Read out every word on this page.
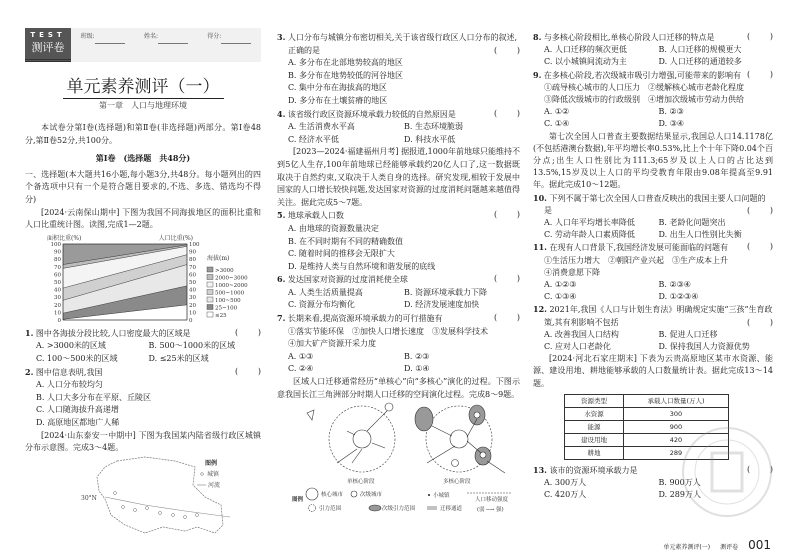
TEST
测评卷
班级:	姓名:	得分:
单元素养测评（一）
第一章　人口与地理环境
本试卷分第Ⅰ卷(选择题)和第Ⅱ卷(非选择题)两部分。第Ⅰ卷48分,第Ⅱ卷52分,共100分。
第Ⅰ卷　(选择题　共48分)
一、选择题(本大题共16小题,每小题3分,共48分。每小题列出的四个备选项中只有一个是符合题目要求的,不选、多选、错选均不得分)
[2024·云南保山期中] 下图为我国不同海拔地区的面积比重和人口比重统计图。读图,完成1—2题。
0	0
10	10
20	20
30	30
40	40
50	50
60	60
70	70
80	80
90	90
100	100
面积比重(%)	人口比重(%)
海拔(m)
>3000
2000~3000
1000~2000
500~1000
100~500
25~100
≤25
1. 图中各海拔分段比较,人口密度最大的区域是	( )
A. >3000米的区域	B. 500～1000米的区域
C. 100～500米的区域	D. ≤25米的区域
2. 图中信息表明,我国	( )
A. 人口分布较均匀
B. 人口大多分布在平原、丘陵区
C. 人口随海拔升高递增
D. 高原地区都地广人稀
[2024·山东泰安一中期中] 下图为我国某内陆省级行政区城镇分布示意图。完成3～4题。
30°N
图例
城镇
河流
3. 人口分布与城镇分布密切相关,关于该省级行政区人口分布的叙述,正确的是	( )
A. 多分布在北部地势较高的地区
B. 多分布在地势较低的河谷地区
C. 集中分布在海拔高的地区
D. 多分布在土壤贫瘠的地区
4. 该省级行政区资源环境承载力较低的自然原因是	( )
A. 生活消费水平高	B. 生态环境脆弱
C. 经济水平低	D. 科技水平低
[2023—2024·福建福州月考] 据报道,1000年前地球只能维持不到5亿人生存,100年前地球已经能够承载约20亿人口了,这一数据既取决于自然约束,又取决于人类自身的选择。研究发现,相较于发展中国家的人口增长较快问题,发达国家对资源的过度消耗问题越来越值得关注。据此完成5～7题。
5. 地球承载人口数	( )
A. 由地球的资源数量决定
B. 在不同时期有不同的精确数值
C. 随着时间的推移会无限扩大
D. 是维持人类与自然环境和谐发展的底线
6. 发达国家对资源的过度消耗使全球	( )
A. 人类生活质量提高	B. 资源环境承载力下降
C. 资源分布均衡化	D. 经济发展速度加快
7. 长期来看,提高资源环境承载力的可行措施有	( )
①落实节能环保　②加快人口增长速度　③发展科学技术
④加大矿产资源开采力度
A. ①③	B. ②③
C. ②④	D. ①④
区域人口迁移通常经历“单核心”向“多核心”演化的过程。下图示意我国长江三角洲部分时期人口迁移的空间演化过程。完成8～9题。
单核心阶段	多核心阶段
图例
核心城市	次级城市	小城镇
人口移动强度
引力范围	次级引力范围	迁移通道	(弱 ─→ 强)
8. 与多核心阶段相比,单核心阶段人口迁移的特点是	( )
A. 人口迁移的频次更低	B. 人口迁移的规模更大
C. 以小城镇间流动为主	D. 人口迁移的通道较多
9. 在多核心阶段,若次级城市吸引力增强,可能带来的影响有 ( )
①疏导核心城市的人口压力　②缓解核心城市老龄化程度
③降低次级城市的行政级别　④增加次级城市劳动力供给
A. ①②	B. ②③
C. ①④	D. ③④
第七次全国人口普查主要数据结果显示,我国总人口14.1178亿(不包括港澳台数据),年平均增长率0.53%,比上个十年下降0.04个百分点;出生人口性别比为111.3;65岁及以上人口的占比达到13.5%,15岁及以上人口的平均受教育年限由9.08年提高至9.91年。据此完成10～12题。
10. 下列不属于第七次全国人口普查反映出的我国主要人口问题的是	( )
A. 人口年平均增长率降低	B. 老龄化问题突出
C. 劳动年龄人口素质降低	D. 出生人口性别比失衡
11. 在现有人口背景下,我国经济发展可能面临的问题有 ( )
①生活压力增大　②朝阳产业兴起　③生产成本上升
④消费意愿下降
A. ①②③	B. ②③④
C. ①③④	D. ①②③④
12. 2021年,我国《人口与计划生育法》明确规定实施“三孩”生育政策,其有利影响不包括	( )
A. 改善我国人口结构	B. 促进人口迁移
C. 应对人口老龄化	D. 保持我国人力资源优势
[2024·河北石家庄期末] 下表为云贵高原地区某市水资源、能源、建设用地、耕地能够承载的人口数量统计表。据此完成13～14题。
资源类型	承载人口数量(万人)
水资源	300
能源	900
建设用地	420
耕地	289
13. 该市的资源环境承载力是	( )
A. 300万人	B. 900万人
C. 420万人	D. 289万人
单元素养测评(一) 测评卷 001
